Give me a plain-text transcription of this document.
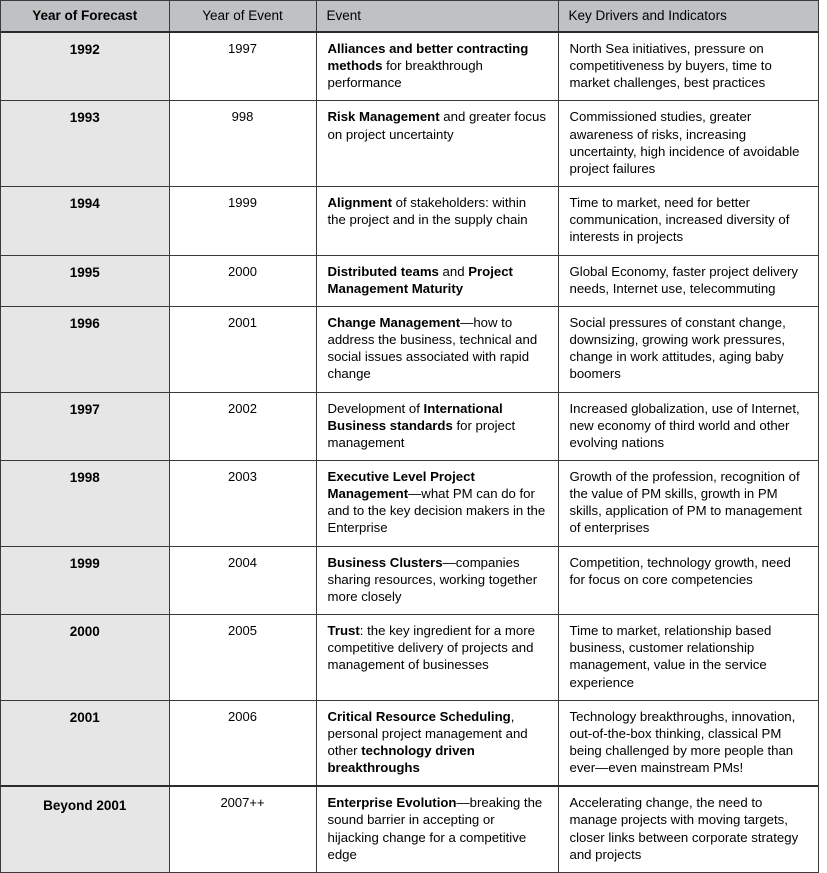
Year of Forecast	Year of Event	Event	Key Drivers and Indicators
1992	1997	Alliances and better contracting methods for breakthrough performance	North Sea initiatives, pressure on competitiveness by buyers, time to market challenges, best practices
1993	998	Risk Management and greater focus on project uncertainty	Commissioned studies, greater awareness of risks, increasing uncertainty, high incidence of avoidable project failures
1994	1999	Alignment of stakeholders: within the project and in the supply chain	Time to market, need for better communication, increased diversity of interests in projects
1995	2000	Distributed teams and Project Management Maturity	Global Economy, faster project delivery needs, Internet use, telecommuting
1996	2001	Change Management—how to address the business, technical and social issues associated with rapid change	Social pressures of constant change, downsizing, growing work pressures, change in work attitudes, aging baby boomers
1997	2002	Development of International Business standards for project management	Increased globalization, use of Internet, new economy of third world and other evolving nations
1998	2003	Executive Level Project Management—what PM can do for  and to the key decision makers in the Enterprise	Growth of the profession, recognition of the value of PM skills, growth in PM skills, application of PM to management of enterprises
1999	2004	Business Clusters—companies sharing resources, working together more closely	Competition, technology growth, need for focus on core competencies
2000	2005	Trust: the key ingredient for a more competitive delivery of projects and management of businesses	Time to market, relationship based business, customer relationship management, value in the service experience
2001	2006	Critical Resource Scheduling, personal project management and other technology driven breakthroughs	Technology breakthroughs, innovation, out-of-the-box thinking, classical PM being challenged by more people than ever—even mainstream PMs!
Beyond 2001	2007++	Enterprise Evolution—breaking the sound barrier in accepting or hijacking change for a competitive edge	Accelerating change, the need to manage projects with moving targets, closer links between corporate strategy and projects
